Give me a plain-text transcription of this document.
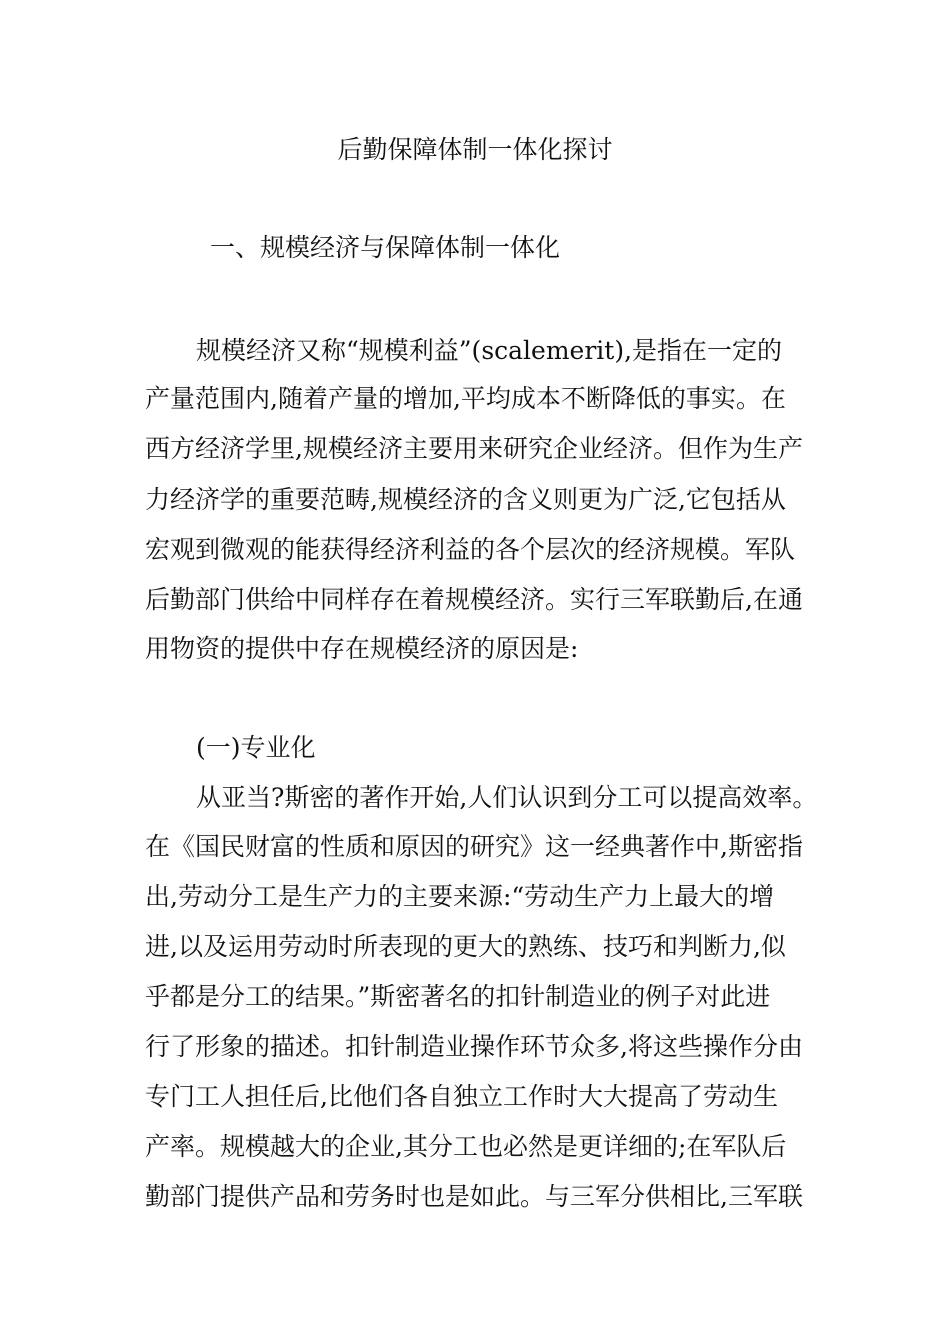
后勤保障体制一体化探讨
一、规模经济与保障体制一体化

规模经济又称“规模利益”(scalemerit),是指在一定的

产量范围内,随着产量的增加,平均成本不断降低的事实。在

西方经济学里,规模经济主要用来研究企业经济。但作为生产

力经济学的重要范畴,规模经济的含义则更为广泛,它包括从

宏观到微观的能获得经济利益的各个层次的经济规模。军队

后勤部门供给中同样存在着规模经济。实行三军联勤后,在通

用物资的提供中存在规模经济的原因是:

(一)专业化

从亚当?斯密的著作开始,人们认识到分工可以提高效率。

在《国民财富的性质和原因的研究》这一经典著作中,斯密指

出,劳动分工是生产力的主要来源:“劳动生产力上最大的增

进,以及运用劳动时所表现的更大的熟练、技巧和判断力,似

乎都是分工的结果。”斯密著名的扣针制造业的例子对此进

行了形象的描述。扣针制造业操作环节众多,将这些操作分由

专门工人担任后,比他们各自独立工作时大大提高了劳动生

产率。规模越大的企业,其分工也必然是更详细的;在军队后

勤部门提供产品和劳务时也是如此。与三军分供相比,三军联
